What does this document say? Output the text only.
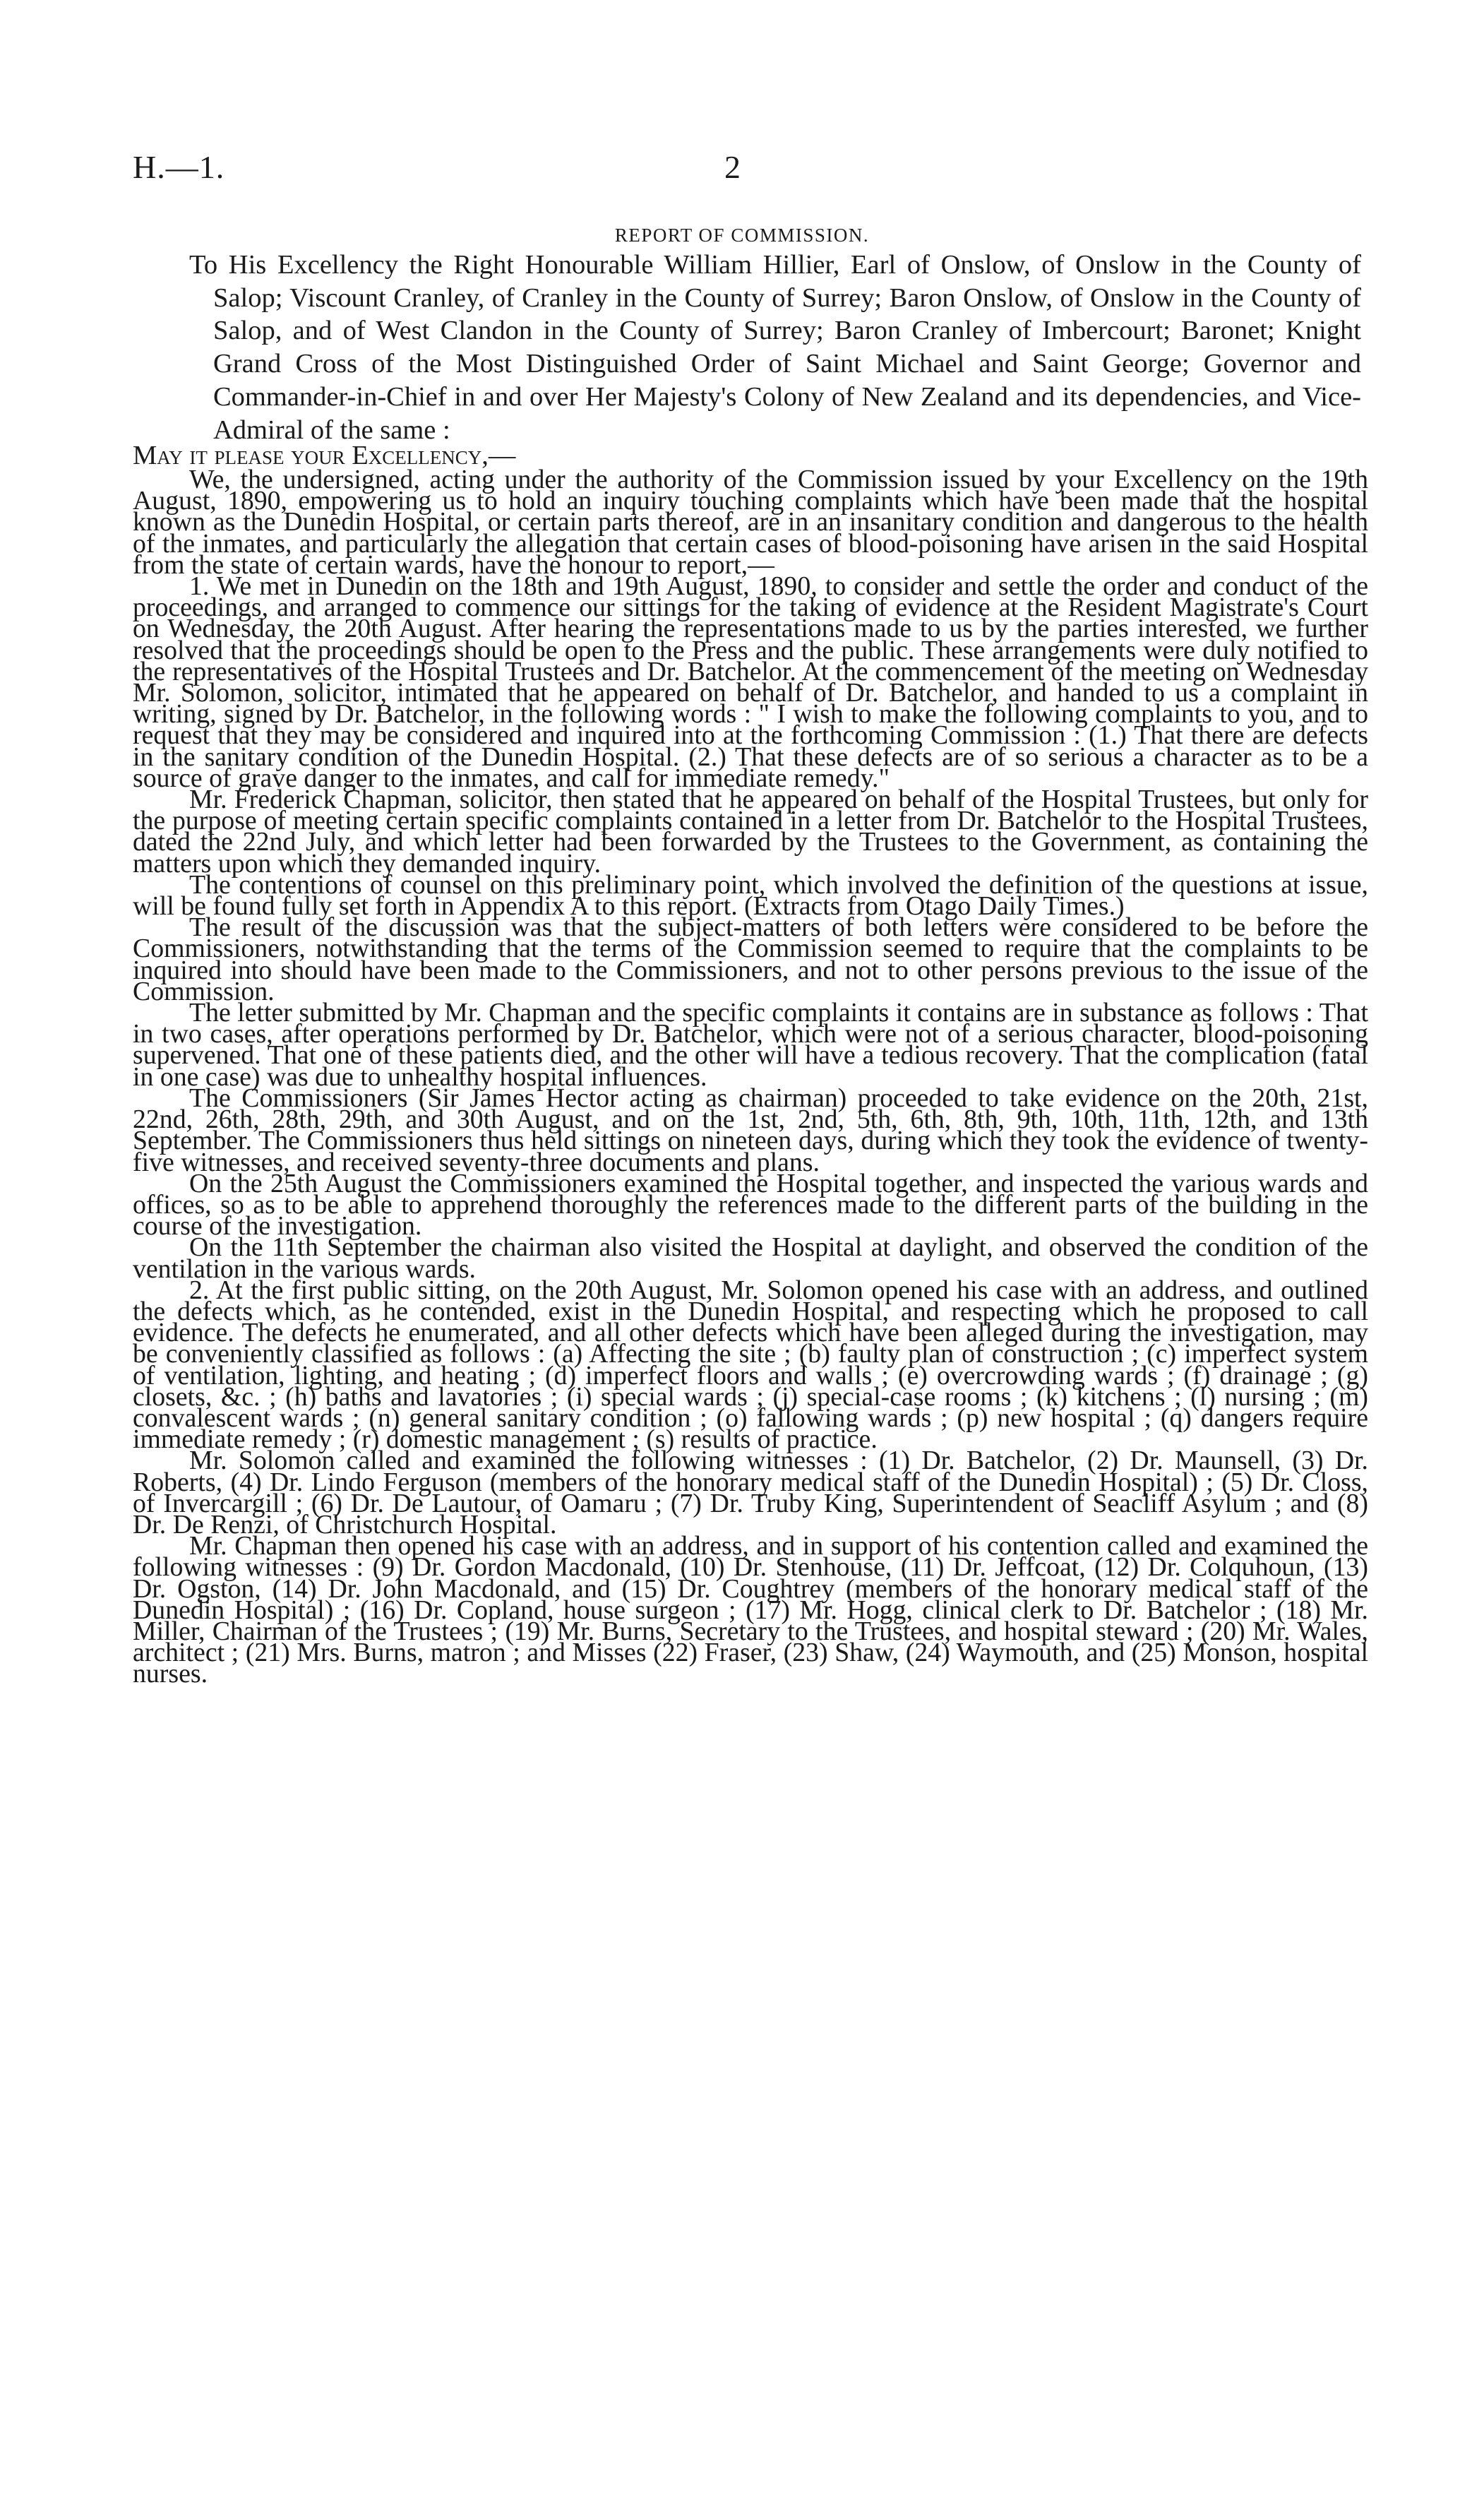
H.—1.	2
REPORT OF COMMISSION.
To His Excellency the Right Honourable William Hillier, Earl of Onslow, of Onslow in the County of Salop; Viscount Cranley, of Cranley in the County of Surrey; Baron Onslow, of Onslow in the County of Salop, and of West Clandon in the County of Surrey; Baron Cranley of Imbercourt; Baronet; Knight Grand Cross of the Most Distinguished Order of Saint Michael and Saint George; Governor and Commander-in-Chief in and over Her Majesty's Colony of New Zealand and its dependencies, and Vice-Admiral of the same :
May it please your Excellency,—

We, the undersigned, acting under the authority of the Commission issued by your Excellency on the 19th August, 1890, empowering us to hold an inquiry touching complaints which have been made that the hospital known as the Dunedin Hospital, or certain parts thereof, are in an insanitary condition and dangerous to the health of the inmates, and particularly the allegation that certain cases of blood-poisoning have arisen in the said Hospital from the state of certain wards, have the honour to report,—

1. We met in Dunedin on the 18th and 19th August, 1890, to consider and settle the order and conduct of the proceedings, and arranged to commence our sittings for the taking of evidence at the Resident Magistrate's Court on Wednesday, the 20th August. After hearing the representations made to us by the parties interested, we further resolved that the proceedings should be open to the Press and the public. These arrangements were duly notified to the representatives of the Hospital Trustees and Dr. Batchelor. At the commencement of the meeting on Wednesday Mr. Solomon, solicitor, intimated that he appeared on behalf of Dr. Batchelor, and handed to us a complaint in writing, signed by Dr. Batchelor, in the following words : " I wish to make the following complaints to you, and to request that they may be considered and inquired into at the forthcoming Commission : (1.) That there are defects in the sanitary condition of the Dunedin Hospital. (2.) That these defects are of so serious a character as to be a source of grave danger to the inmates, and call for immediate remedy."

Mr. Frederick Chapman, solicitor, then stated that he appeared on behalf of the Hospital Trustees, but only for the purpose of meeting certain specific complaints contained in a letter from Dr. Batchelor to the Hospital Trustees, dated the 22nd July, and which letter had been forwarded by the Trustees to the Government, as containing the matters upon which they demanded inquiry.

The contentions of counsel on this preliminary point, which involved the definition of the questions at issue, will be found fully set forth in Appendix A to this report. (Extracts from Otago Daily Times.)

The result of the discussion was that the subject-matters of both letters were considered to be before the Commissioners, notwithstanding that the terms of the Commission seemed to require that the complaints to be inquired into should have been made to the Commissioners, and not to other persons previous to the issue of the Commission.

The letter submitted by Mr. Chapman and the specific complaints it contains are in substance as follows : That in two cases, after operations performed by Dr. Batchelor, which were not of a serious character, blood-poisoning supervened. That one of these patients died, and the other will have a tedious recovery. That the complication (fatal in one case) was due to unhealthy hospital influences.

The Commissioners (Sir James Hector acting as chairman) proceeded to take evidence on the 20th, 21st, 22nd, 26th, 28th, 29th, and 30th August, and on the 1st, 2nd, 5th, 6th, 8th, 9th, 10th, 11th, 12th, and 13th September. The Commissioners thus held sittings on nineteen days, during which they took the evidence of twenty-five witnesses, and received seventy-three documents and plans.

On the 25th August the Commissioners examined the Hospital together, and inspected the various wards and offices, so as to be able to apprehend thoroughly the references made to the different parts of the building in the course of the investigation.

On the 11th September the chairman also visited the Hospital at daylight, and observed the condition of the ventilation in the various wards.

2. At the first public sitting, on the 20th August, Mr. Solomon opened his case with an address, and outlined the defects which, as he contended, exist in the Dunedin Hospital, and respecting which he proposed to call evidence. The defects he enumerated, and all other defects which have been alleged during the investigation, may be conveniently classified as follows : (a) Affecting the site ; (b) faulty plan of construction ; (c) imperfect system of ventilation, lighting, and heating ; (d) imperfect floors and walls ; (e) overcrowding wards ; (f) drainage ; (g) closets, &c. ; (h) baths and lavatories ; (i) special wards ; (j) special-case rooms ; (k) kitchens ; (l) nursing ; (m) convalescent wards ; (n) general sanitary condition ; (o) fallowing wards ; (p) new hospital ; (q) dangers require immediate remedy ; (r) domestic management ; (s) results of practice.

Mr. Solomon called and examined the following witnesses : (1) Dr. Batchelor, (2) Dr. Maunsell, (3) Dr. Roberts, (4) Dr. Lindo Ferguson (members of the honorary medical staff of the Dunedin Hospital) ; (5) Dr. Closs, of Invercargill ; (6) Dr. De Lautour, of Oamaru ; (7) Dr. Truby King, Superintendent of Seacliff Asylum ; and (8) Dr. De Renzi, of Christchurch Hospital.

Mr. Chapman then opened his case with an address, and in support of his contention called and examined the following witnesses : (9) Dr. Gordon Macdonald, (10) Dr. Stenhouse, (11) Dr. Jeffcoat, (12) Dr. Colquhoun, (13) Dr. Ogston, (14) Dr. John Macdonald, and (15) Dr. Coughtrey (members of the honorary medical staff of the Dunedin Hospital) ; (16) Dr. Copland, house surgeon ; (17) Mr. Hogg, clinical clerk to Dr. Batchelor ; (18) Mr. Miller, Chairman of the Trustees ; (19) Mr. Burns, Secretary to the Trustees, and hospital steward ; (20) Mr. Wales, architect ; (21) Mrs. Burns, matron ; and Misses (22) Fraser, (23) Shaw, (24) Waymouth, and (25) Monson, hospital nurses.
